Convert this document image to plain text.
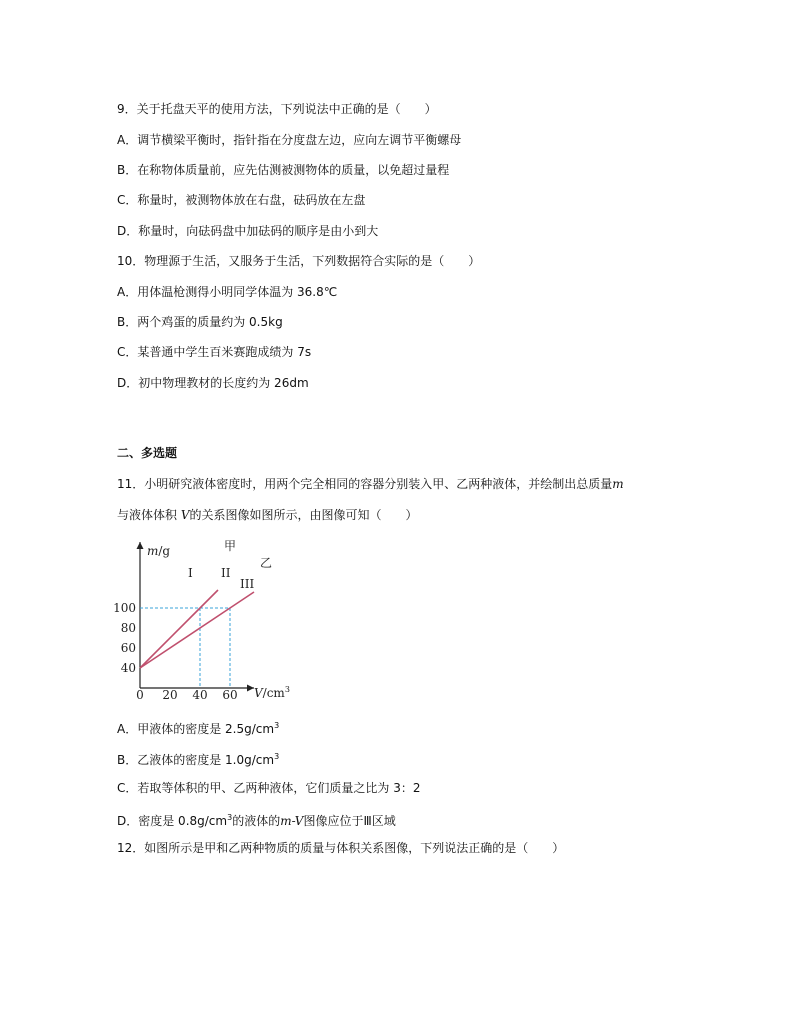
9．关于托盘天平的使用方法，下列说法中正确的是（　　）
A．调节横梁平衡时，指针指在分度盘左边，应向左调节平衡螺母
B．在称物体质量前，应先估测被测物体的质量，以免超过量程
C．称量时，被测物体放在右盘，砝码放在左盘
D．称量时，向砝码盘中加砝码的顺序是由小到大
10．物理源于生活，又服务于生活，下列数据符合实际的是（　　）
A．用体温枪测得小明同学体温为 36.8℃
B．两个鸡蛋的质量约为 0.5kg
C．某普通中学生百米赛跑成绩为 7s
D．初中物理教材的长度约为 26dm
二、多选题
11．小明研究液体密度时，用两个完全相同的容器分别装入甲、乙两种液体，并绘制出总质量m
与液体体积 V的关系图像如图所示，由图像可知（　　）
0 20 40 60
40
60
80
100
m/g
$V/cm^3$
甲
乙
I II
III
A．甲液体的密度是 $2.5g/cm^3$
B．乙液体的密度是 $1.0g/cm^3$
C．若取等体积的甲、乙两种液体，它们质量之比为 3：2
D．密度是 $0.8g/cm^3$的液体的m-V图像应位于Ⅲ区域
12．如图所示是甲和乙两种物质的质量与体积关系图像，下列说法正确的是（　　）
